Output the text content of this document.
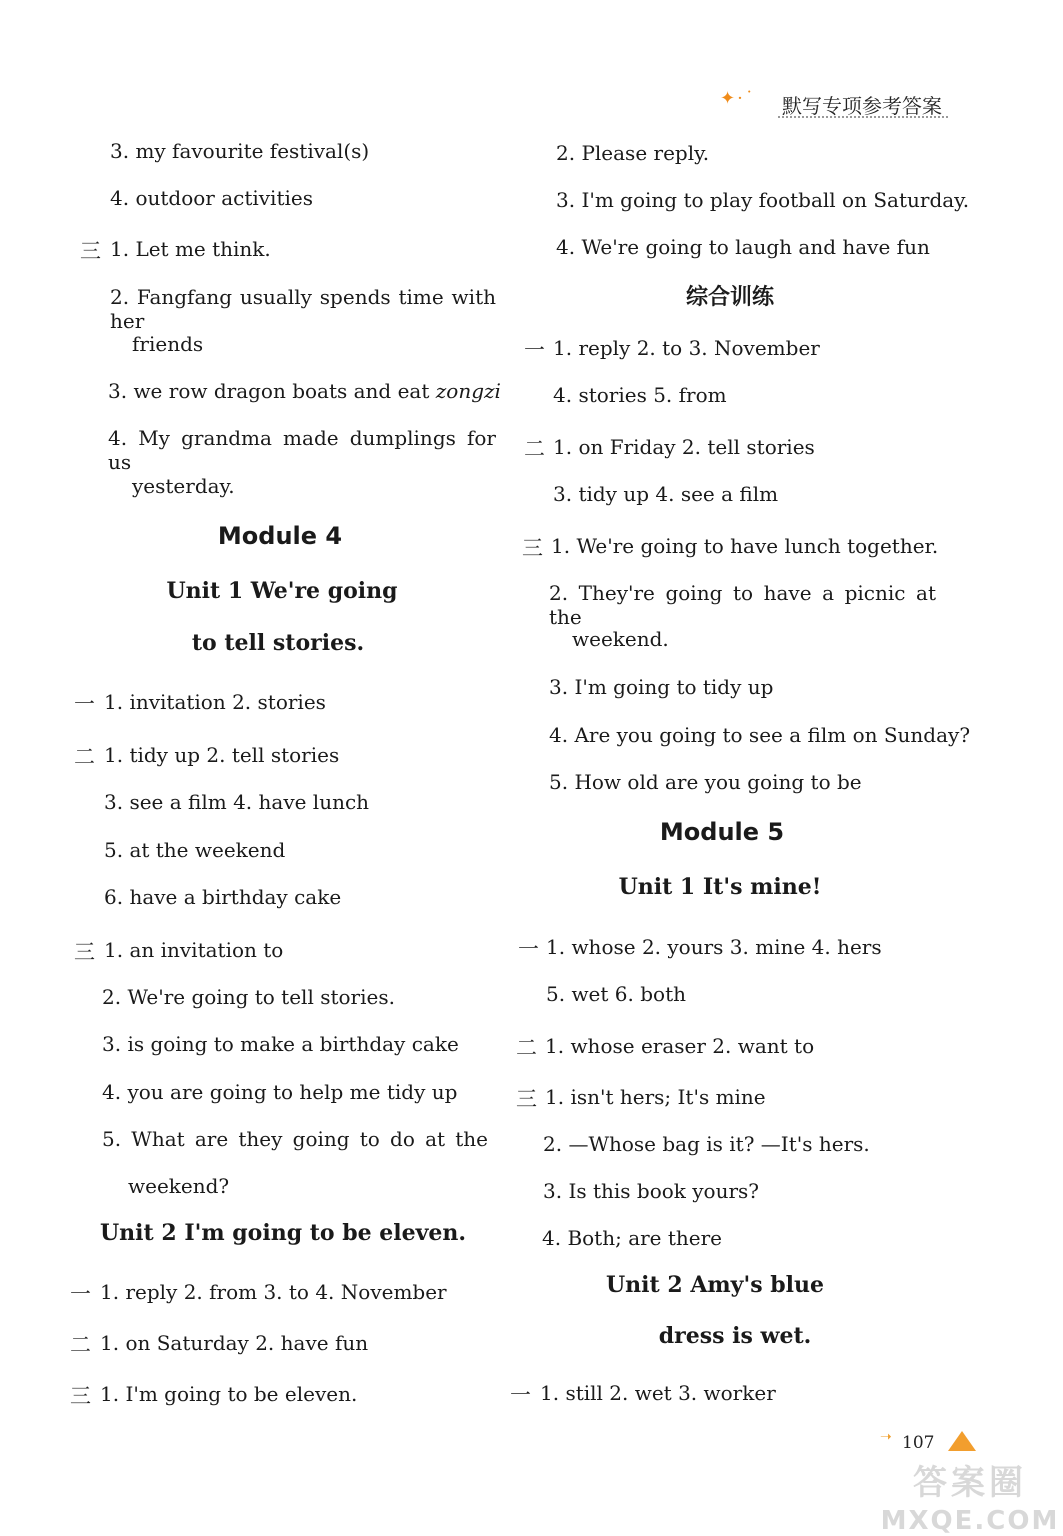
✦·˙ 默写专项参考答案
3. my favourite festival(s)
4. outdoor activities
三 1. Let me think.
2. Fangfang usually spends time with her
friends
3. we row dragon boats and eat zongzi
4. My grandma made dumplings for us
yesterday.
Module 4
Unit 1 We're going
to tell stories.
一 1. invitation 2. stories
二 1. tidy up 2. tell stories
3. see a film 4. have lunch
5. at the weekend
6. have a birthday cake
三 1. an invitation to
2. We're going to tell stories.
3. is going to make a birthday cake
4. you are going to help me tidy up
5. What are they going to do at the
weekend?
Unit 2 I'm going to be eleven.
一 1. reply 2. from 3. to 4. November
二 1. on Saturday 2. have fun
三 1. I'm going to be eleven.
2. Please reply.
3. I'm going to play football on Saturday.
4. We're going to laugh and have fun
综合训练
一 1. reply 2. to 3. November
4. stories 5. from
二 1. on Friday 2. tell stories
3. tidy up 4. see a film
三 1. We're going to have lunch together.
2. They're going to have a picnic at the
weekend.
3. I'm going to tidy up
4. Are you going to see a film on Sunday?
5. How old are you going to be
Module 5
Unit 1 It's mine!
一 1. whose 2. yours 3. mine 4. hers
5. wet 6. both
二 1. whose eraser 2. want to
三 1. isn't hers; It's mine
2. —Whose bag is it? —It's hers.
3. Is this book yours?
4. Both; are there
Unit 2 Amy's blue
dress is wet.
一 1. still 2. wet 3. worker
➝ 107
答案圈
MXQE.COM
